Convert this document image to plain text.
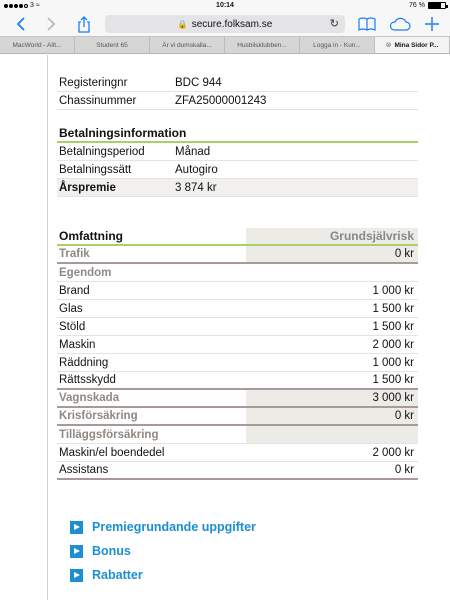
3 ≈	10:14	76 %
🔒 secure.folksam.se	↻
MacWorld - Allt...	Student 65	Är vi dumskalla...	Husbilsklubben...	Logga in - Kun...	⊗ Mina Sidor P...
Registeringnr	BDC 944
Chassinummer	ZFA25000001243
Betalningsinformation
Betalningsperiod	Månad
Betalningssätt	Autogiro
Årspremie	3 874 kr
Omfattning	Grundsjälvrisk
Trafik	0 kr
Egendom
Brand	1 000 kr
Glas	1 500 kr
Stöld	1 500 kr
Maskin	2 000 kr
Räddning	1 000 kr
Rättsskydd	1 500 kr
Vagnskada	3 000 kr
Krisförsäkring	0 kr
Tilläggsförsäkring
Maskin/el boendedel	2 000 kr
Assistans	0 kr
Premiegrundande uppgifter
Bonus
Rabatter
